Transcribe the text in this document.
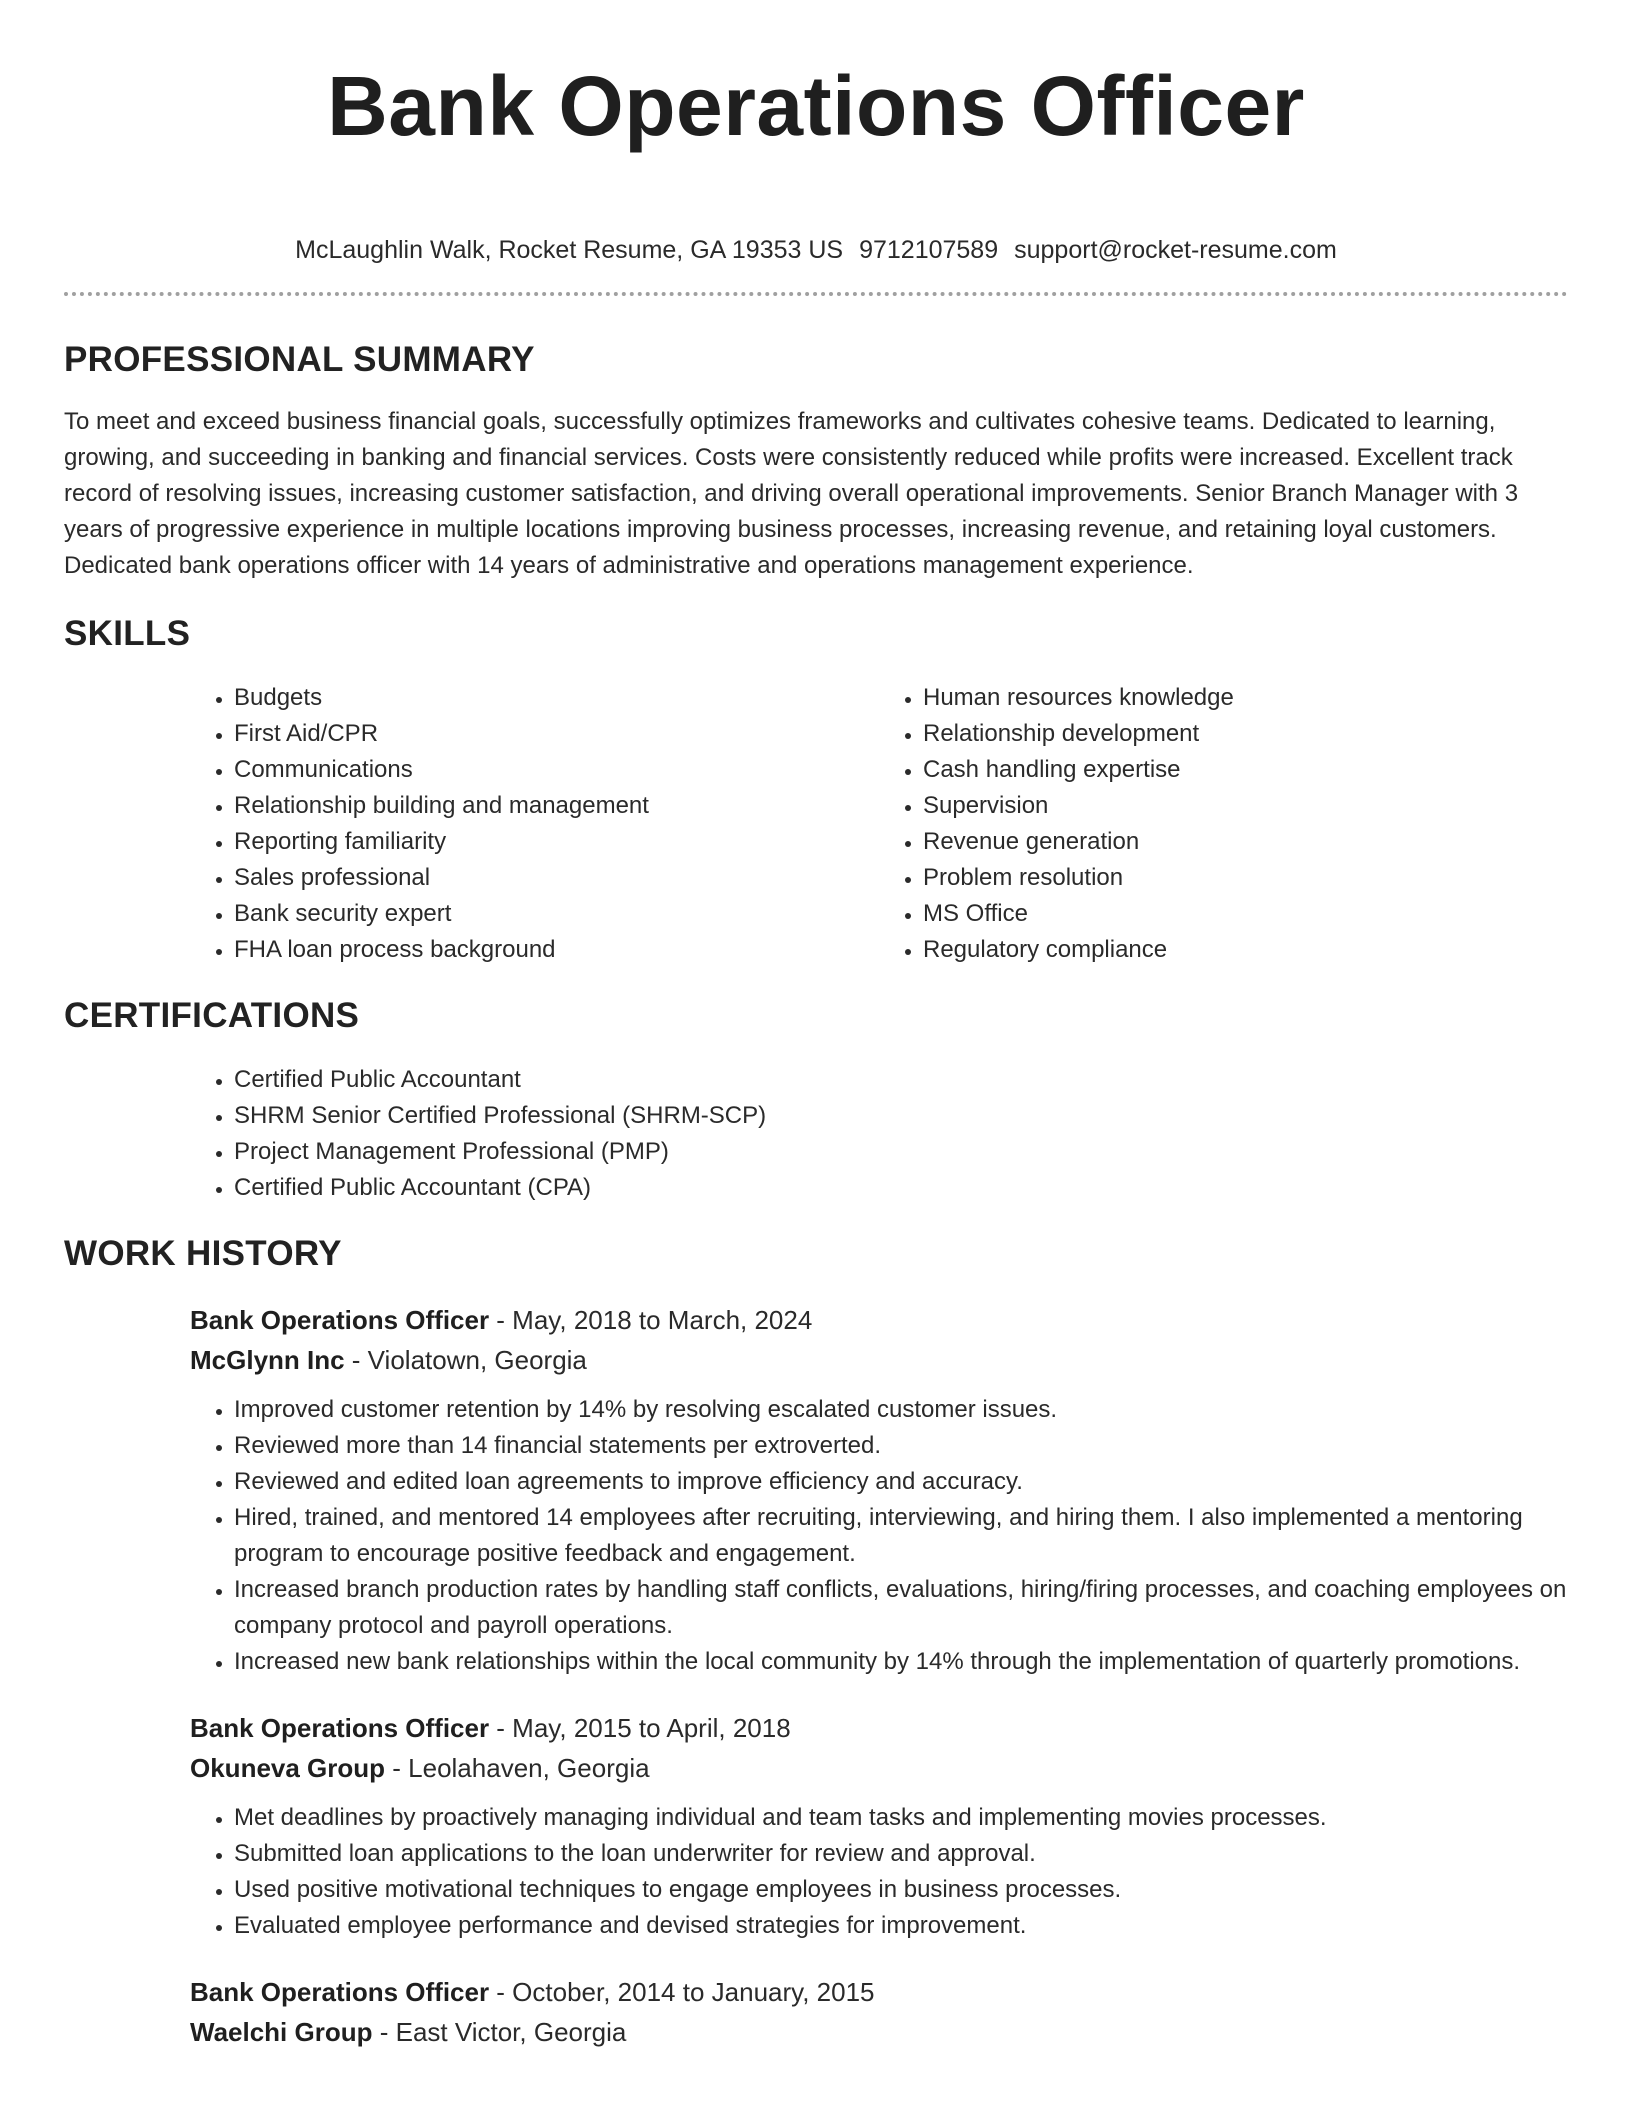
Bank Operations Officer
McLaughlin Walk, Rocket Resume, GA 19353 US 9712107589 support@rocket-resume.com
PROFESSIONAL SUMMARY

To meet and exceed business financial goals, successfully optimizes frameworks and cultivates cohesive teams. Dedicated to learning, growing, and succeeding in banking and financial services. Costs were consistently reduced while profits were increased. Excellent track record of resolving issues, increasing customer satisfaction, and driving overall operational improvements. Senior Branch Manager with 3 years of progressive experience in multiple locations improving business processes, increasing revenue, and retaining loyal customers. Dedicated bank operations officer with 14 years of administrative and operations management experience.

SKILLS
• Budgets
• First Aid/CPR
• Communications
• Relationship building and management
• Reporting familiarity
• Sales professional
• Bank security expert
• FHA loan process background
• Human resources knowledge
• Relationship development
• Cash handling expertise
• Supervision
• Revenue generation
• Problem resolution
• MS Office
• Regulatory compliance
CERTIFICATIONS
• Certified Public Accountant
• SHRM Senior Certified Professional (SHRM-SCP)
• Project Management Professional (PMP)
• Certified Public Accountant (CPA)
WORK HISTORY
Bank Operations Officer - May, 2018 to March, 2024
McGlynn Inc - Violatown, Georgia
• Improved customer retention by 14% by resolving escalated customer issues.
• Reviewed more than 14 financial statements per extroverted.
• Reviewed and edited loan agreements to improve efficiency and accuracy.
• Hired, trained, and mentored 14 employees after recruiting, interviewing, and hiring them. I also implemented a mentoring program to encourage positive feedback and engagement.
• Increased branch production rates by handling staff conflicts, evaluations, hiring/firing processes, and coaching employees on company protocol and payroll operations.
• Increased new bank relationships within the local community by 14% through the implementation of quarterly promotions.
Bank Operations Officer - May, 2015 to April, 2018
Okuneva Group - Leolahaven, Georgia
• Met deadlines by proactively managing individual and team tasks and implementing movies processes.
• Submitted loan applications to the loan underwriter for review and approval.
• Used positive motivational techniques to engage employees in business processes.
• Evaluated employee performance and devised strategies for improvement.
Bank Operations Officer - October, 2014 to January, 2015
Waelchi Group - East Victor, Georgia
